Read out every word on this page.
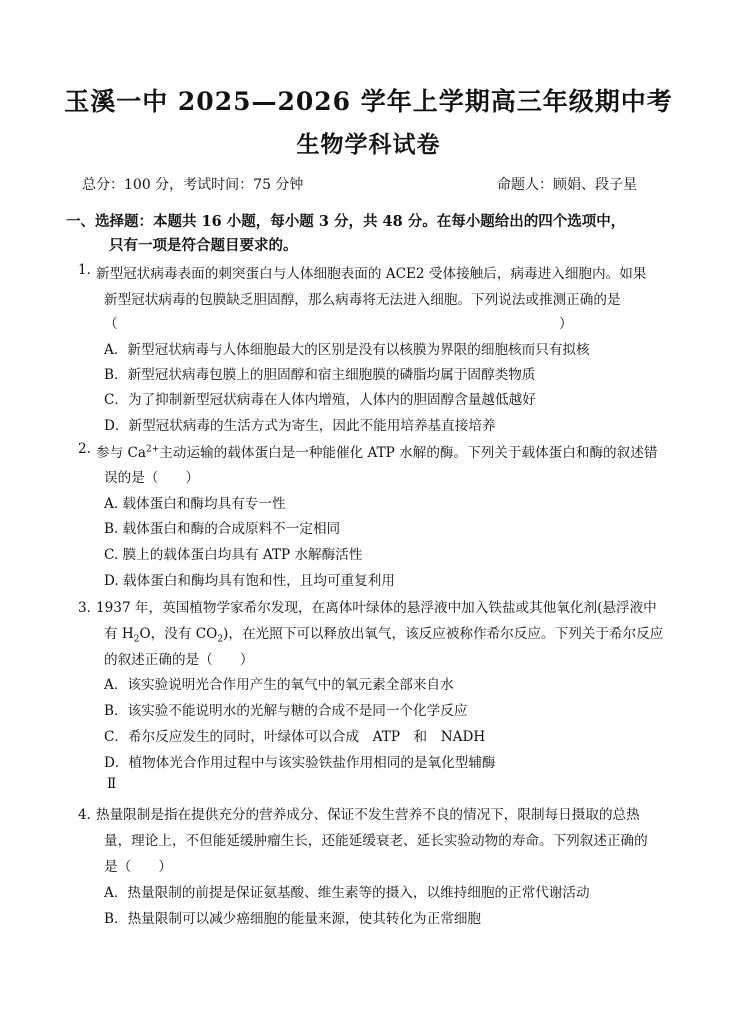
玉溪一中 2025—2026 学年上学期高三年级期中考
生物学科试卷
总分：100 分，考试时间：75 分钟	命题人：顾娟、段子星
一、选择题：本题共 16 小题，每小题 3 分，共 48 分。在每小题给出的四个选项中，
只有一项是符合题目要求的。
1. 新型冠状病毒表面的刺突蛋白与人体细胞表面的 ACE2 受体接触后，病毒进入细胞内。如果
新型冠状病毒的包膜缺乏胆固醇，那么病毒将无法进入细胞。下列说法或推测正确的是
（	）
A．新型冠状病毒与人体细胞最大的区别是没有以核膜为界限的细胞核而只有拟核
B．新型冠状病毒包膜上的胆固醇和宿主细胞膜的磷脂均属于固醇类物质
C．为了抑制新型冠状病毒在人体内增殖，人体内的胆固醇含量越低越好
D．新型冠状病毒的生活方式为寄生，因此不能用培养基直接培养
2. 参与 $Ca^{2+}$主动运输的载体蛋白是一种能催化 ATP 水解的酶。下列关于载体蛋白和酶的叙述错
误的是（　　）
A. 载体蛋白和酶均具有专一性
B. 载体蛋白和酶的合成原料不一定相同
C. 膜上的载体蛋白均具有 ATP 水解酶活性
D. 载体蛋白和酶均具有饱和性，且均可重复利用
3．
1937 年，英国植物学家希尔发现，在离体叶绿体的悬浮液中加入铁盐或其他氧化剂(悬浮液中
有 $H_2O$，没有 $CO_2$)，在光照下可以释放出氧气，该反应被称作希尔反应。下列关于希尔反应
的叙述正确的是（　　）
A．该实验说明光合作用产生的氧气中的氧元素全部来自水
B．该实验不能说明水的光解与糖的合成不是同一个化学反应
C．希尔反应发生的同时，叶绿体可以合成　ATP　和　NADH
D．植物体光合作用过程中与该实验铁盐作用相同的是氧化型辅酶
Ⅱ
4．
热量限制是指在提供充分的营养成分、保证不发生营养不良的情况下，限制每日摄取的总热
量，理论上，不但能延缓肿瘤生长，还能延缓衰老、延长实验动物的寿命。下列叙述正确的
是（　　）
A．热量限制的前提是保证氨基酸、维生素等的摄入，以维持细胞的正常代谢活动
B．热量限制可以减少癌细胞的能量来源，使其转化为正常细胞
